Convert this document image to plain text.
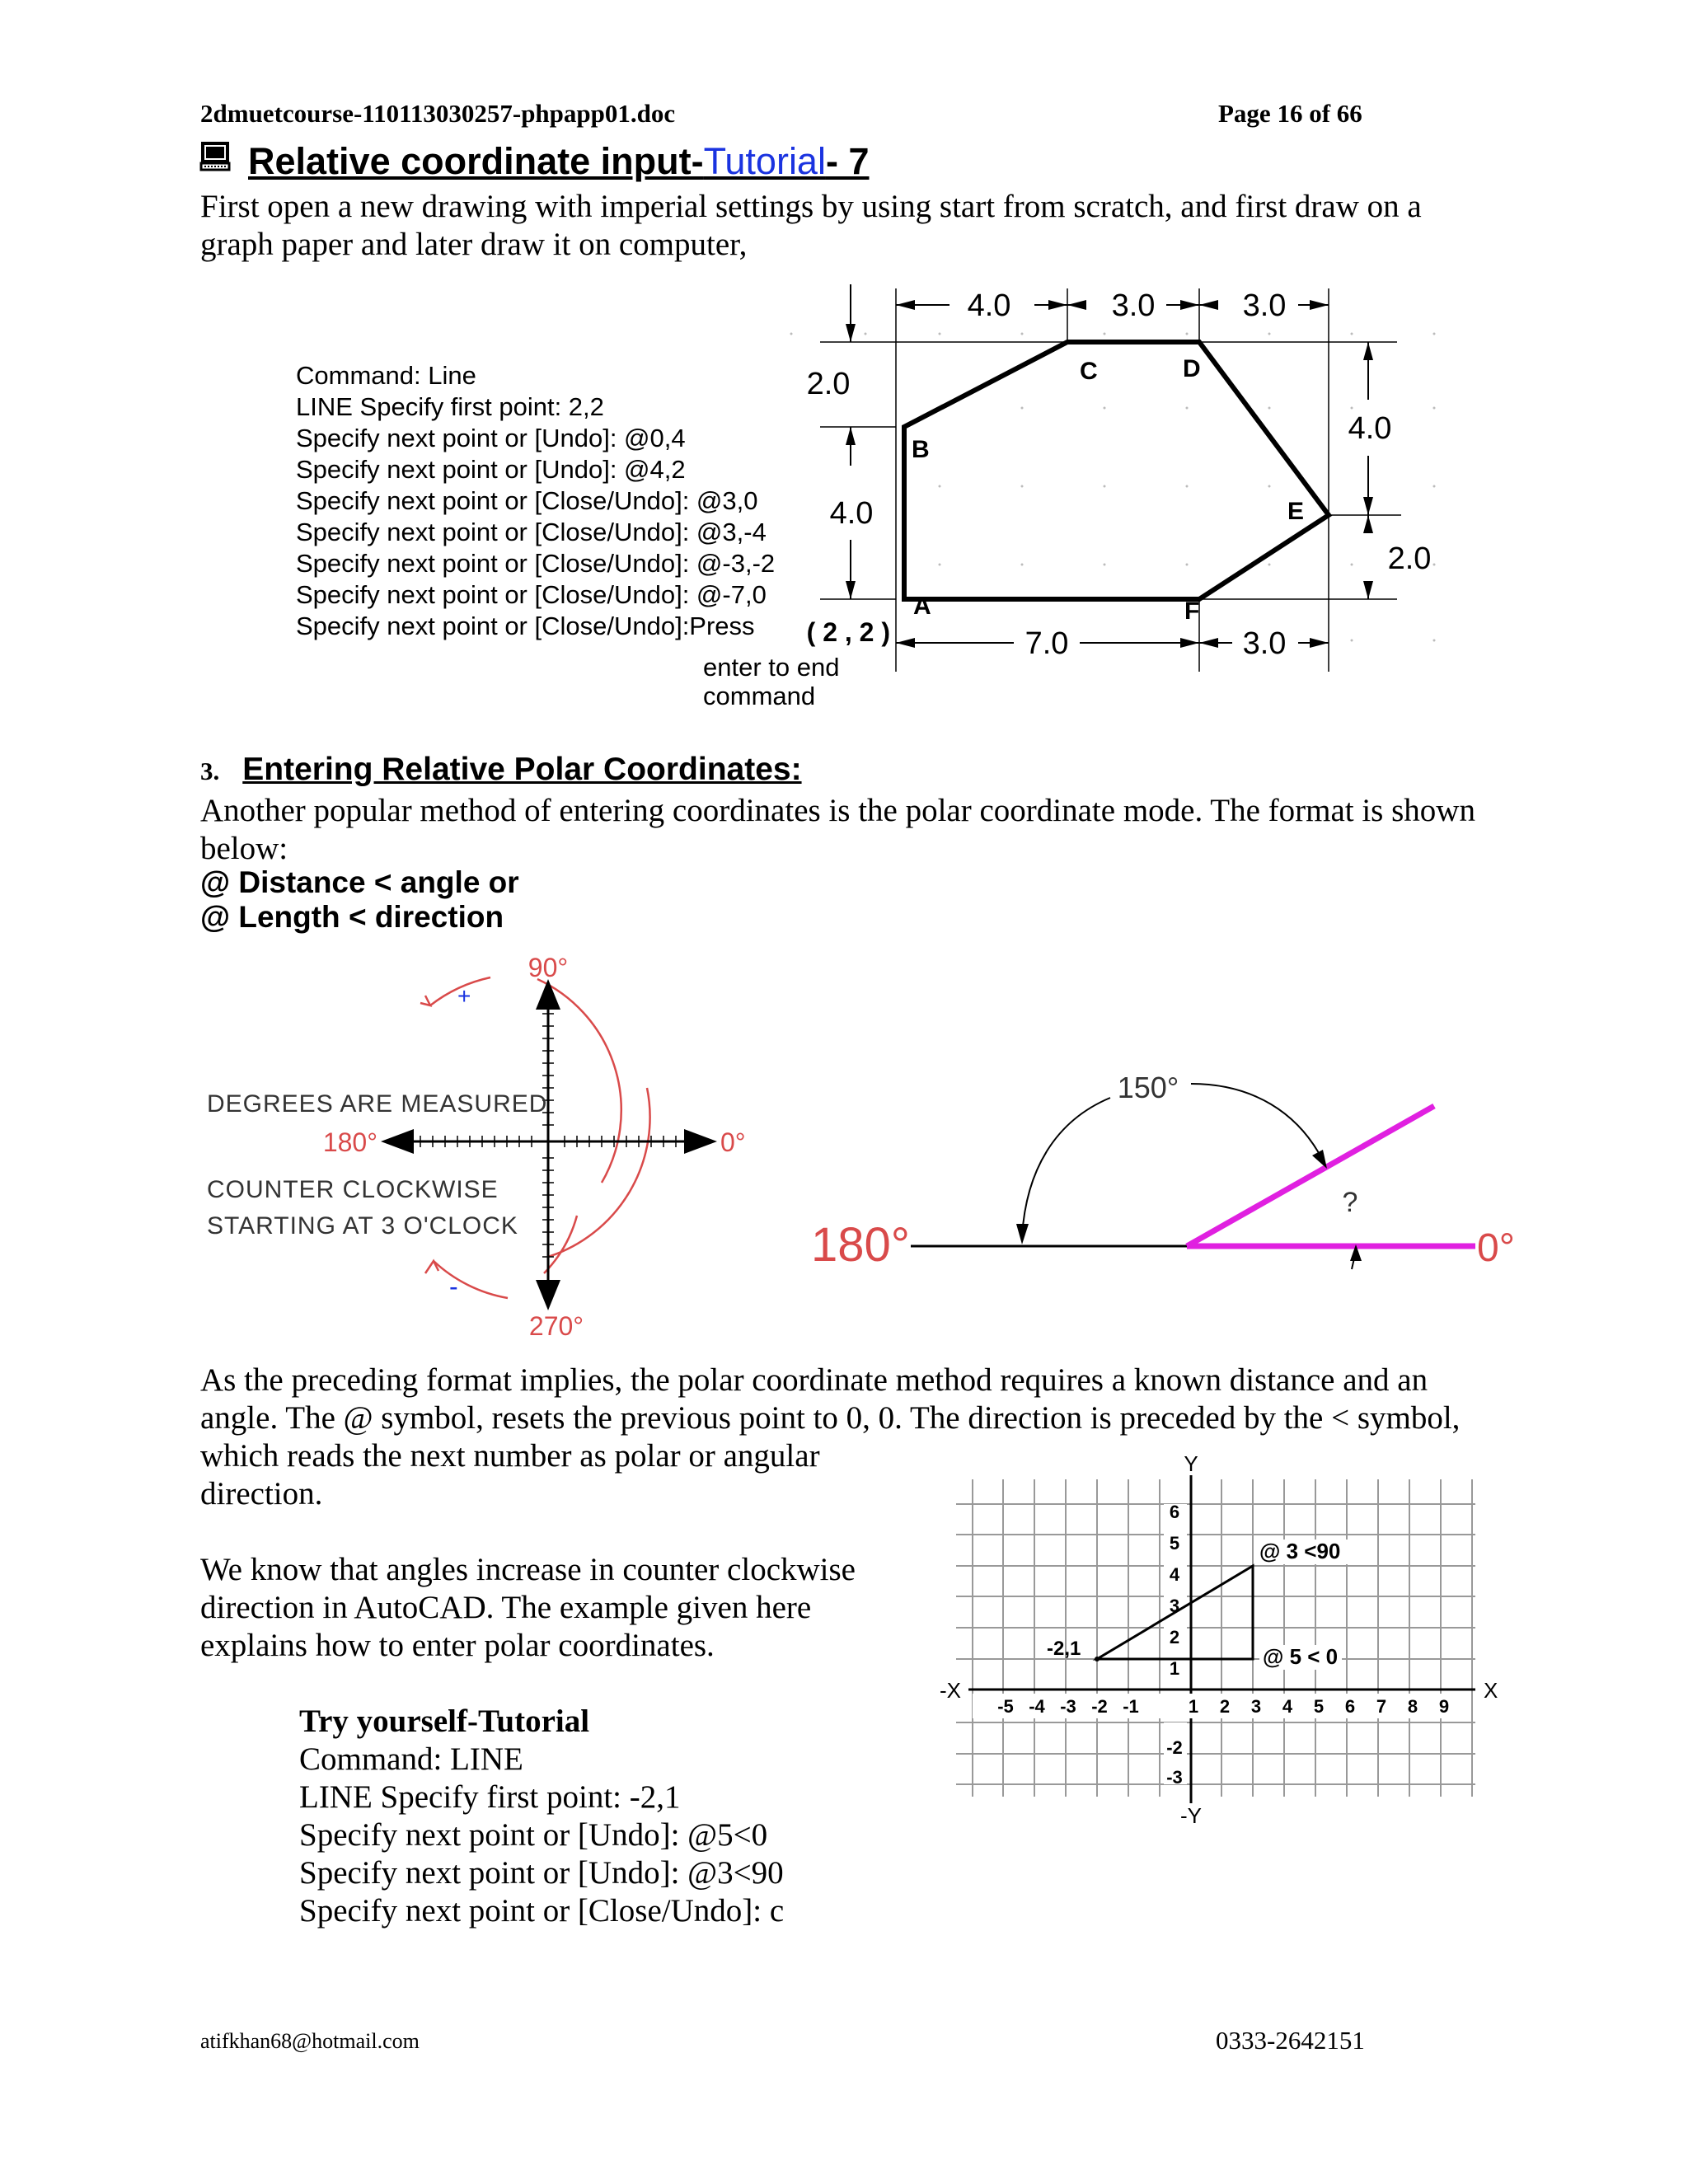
2dmuetcourse-110113030257-phpapp01.doc	Page 16 of 66
Relative coordinate input-Tutorial- 7
First open a new drawing with imperial settings by using start from scratch, and first draw on a
graph paper and later draw it on computer,
Command: Line
LINE Specify first point: 2,2
Specify next point or [Undo]: @0,4
Specify next point or [Undo]: @4,2
Specify next point or [Close/Undo]: @3,0
Specify next point or [Close/Undo]: @3,-4
Specify next point or [Close/Undo]: @-3,-2
Specify next point or [Close/Undo]: @-7,0
Specify next point or [Close/Undo]:Press
4.0	3.0	3.0
2.0
4.0
4.0
2.0
7.0	3.0
A
B
C	D
E
F
( 2 , 2 )
enter to end
command
3. Entering Relative Polar Coordinates:
Another popular method of entering coordinates is the polar coordinate mode. The format is shown
below:
@ Distance < angle or
@ Length < direction
+
-
90°
180°	0°
270°
DEGREES ARE MEASURED
COUNTER CLOCKWISE
STARTING AT 3 O'CLOCK
150°
180°	0°
?
As the preceding format implies, the polar coordinate method requires a known distance and an
angle. The @ symbol, resets the previous point to 0, 0. The direction is preceded by the < symbol,
which reads the next number as polar or angular
direction.
We know that angles increase in counter clockwise
direction in AutoCAD. The example given here
explains how to enter polar coordinates.
Try yourself-Tutorial
Command: LINE
LINE Specify first point: -2,1
Specify next point or [Undo]: @5<0
Specify next point or [Undo]: @3<90
Specify next point or [Close/Undo]: c
6
5
4
3
2
1
-2
-3
-5 -4 -3 -2 -1	1 2 3 4 5 6 7 8 9
Y
-Y
X
-X
-2,1
@ 3 <90
@ 5 < 0
atifkhan68@hotmail.com	0333-2642151
